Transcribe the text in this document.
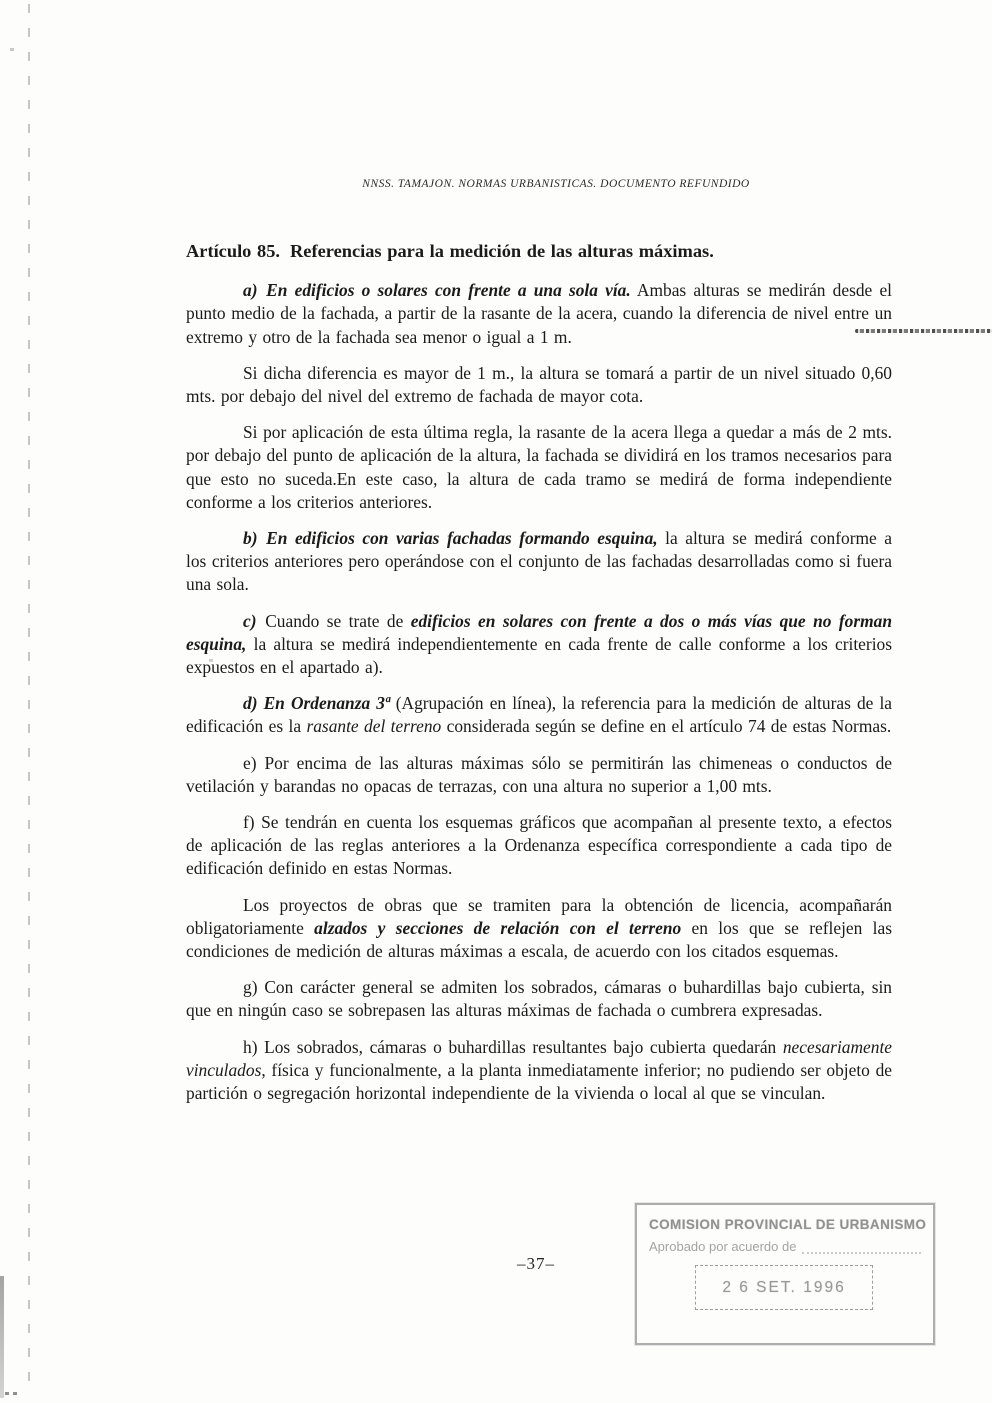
NNSS. TAMAJON. NORMAS URBANISTICAS. DOCUMENTO REFUNDIDO

Artículo 85. Referencias para la medición de las alturas máximas.

a) En edificios o solares con frente a una sola vía. Ambas alturas se medirán desde el punto medio de la fachada, a partir de la rasante de la acera, cuando la diferencia de nivel entre un extremo y otro de la fachada sea menor o igual a 1 m.

Si dicha diferencia es mayor de 1 m., la altura se tomará a partir de un nivel situado 0,60 mts. por debajo del nivel del extremo de fachada de mayor cota.

Si por aplicación de esta última regla, la rasante de la acera llega a quedar a más de 2 mts. por debajo del punto de aplicación de la altura, la fachada se dividirá en los tramos necesarios para que esto no suceda.En este caso, la altura de cada tramo se medirá de forma independiente conforme a los criterios anteriores.

b) En edificios con varias fachadas formando esquina, la altura se medirá conforme a los criterios anteriores pero operándose con el conjunto de las fachadas desarrolladas como si fuera una sola.

c) Cuando se trate de edificios en solares con frente a dos o más vías que no forman esquina, la altura se medirá independientemente en cada frente de calle conforme a los criterios expuestos en el apartado a).

d) En Ordenanza 3ª (Agrupación en línea), la referencia para la medición de alturas de la edificación es la rasante del terreno considerada según se define en el artículo 74 de estas Normas.

e) Por encima de las alturas máximas sólo se permitirán las chimeneas o conductos de vetilación y barandas no opacas de terrazas, con una altura no superior a 1,00 mts.

f) Se tendrán en cuenta los esquemas gráficos que acompañan al presente texto, a efectos de aplicación de las reglas anteriores a la Ordenanza específica correspondiente a cada tipo de edificación definido en estas Normas.

Los proyectos de obras que se tramiten para la obtención de licencia, acompañarán obligatoriamente alzados y secciones de relación con el terreno en los que se reflejen las condiciones de medición de alturas máximas a escala, de acuerdo con los citados esquemas.

g) Con carácter general se admiten los sobrados, cámaras o buhardillas bajo cubierta, sin que en ningún caso se sobrepasen las alturas máximas de fachada o cumbrera expresadas.

h) Los sobrados, cámaras o buhardillas resultantes bajo cubierta quedarán necesariamente vinculados, física y funcionalmente, a la planta inmediatamente inferior; no pudiendo ser objeto de partición o segregación horizontal independiente de la vivienda o local al que se vinculan.

–37–
COMISION PROVINCIAL DE URBANISMO
Aprobado por acuerdo de
2 6 SET. 1996
